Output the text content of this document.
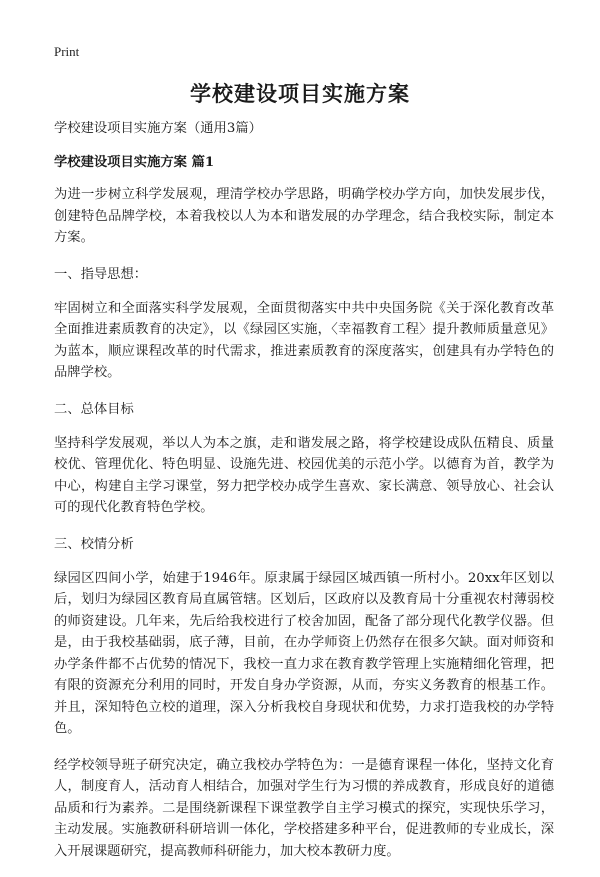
Print
学校建设项目实施方案

学校建设项目实施方案（通用3篇）

学校建设项目实施方案 篇1

为进一步树立科学发展观，理清学校办学思路，明确学校办学方向，加快发展步伐，创建特色品牌学校，本着我校以人为本和谐发展的办学理念，结合我校实际，制定本方案。

一、指导思想：

牢固树立和全面落实科学发展观，全面贯彻落实中共中央国务院《关于深化教育改革全面推进素质教育的决定》，以《绿园区实施，〈幸福教育工程〉提升教师质量意见》为蓝本，顺应课程改革的时代需求，推进素质教育的深度落实，创建具有办学特色的品牌学校。

二、总体目标

坚持科学发展观，举以人为本之旗，走和谐发展之路，将学校建设成队伍精良、质量校优、管理优化、特色明显、设施先进、校园优美的示范小学。以德育为首，教学为中心，构建自主学习课堂，努力把学校办成学生喜欢、家长满意、领导放心、社会认可的现代化教育特色学校。

三、校情分析

绿园区四间小学，始建于1946年。原隶属于绿园区城西镇一所村小。20xx年区划以后，划归为绿园区教育局直属管辖。区划后，区政府以及教育局十分重视农村薄弱校的师资建设。几年来，先后给我校进行了校舍加固，配备了部分现代化教学仪器。但是，由于我校基础弱，底子薄，目前，在办学师资上仍然存在很多欠缺。面对师资和办学条件都不占优势的情况下，我校一直力求在教育教学管理上实施精细化管理，把有限的资源充分利用的同时，开发自身办学资源，从而，夯实义务教育的根基工作。并且，深知特色立校的道理，深入分析我校自身现状和优势，力求打造我校的办学特色。

经学校领导班子研究决定，确立我校办学特色为：一是德育课程一体化，坚持文化育人，制度育人，活动育人相结合，加强对学生行为习惯的养成教育，形成良好的道德品质和行为素养。二是围绕新课程下课堂教学自主学习模式的探究，实现快乐学习，主动发展。实施教研科研培训一体化，学校搭建多种平台，促进教师的专业成长，深入开展课题研究，提高教师科研能力，加大校本教研力度。
